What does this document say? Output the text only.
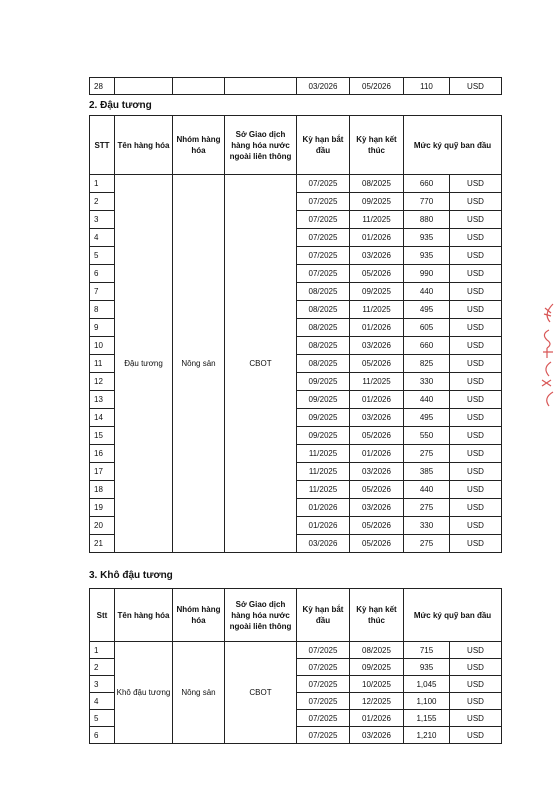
28				03/2026	05/2026	110	USD
2. Đậu tương
STT	Tên hàng hóa	Nhóm hàng hóa	Sở Giao dịch hàng hóa nước ngoài liên thông	Kỳ hạn bắt đầu	Kỳ hạn kết thúc	Mức ký quỹ ban đầu	
1	Đậu tương	Nông sản	CBOT	07/2025	08/2025	660	USD
2				07/2025	09/2025	770	USD
3				07/2025	11/2025	880	USD
4				07/2025	01/2026	935	USD
5				07/2025	03/2026	935	USD
6				07/2025	05/2026	990	USD
7				08/2025	09/2025	440	USD
8				08/2025	11/2025	495	USD
9				08/2025	01/2026	605	USD
10				08/2025	03/2026	660	USD
11				08/2025	05/2026	825	USD
12				09/2025	11/2025	330	USD
13				09/2025	01/2026	440	USD
14				09/2025	03/2026	495	USD
15				09/2025	05/2026	550	USD
16				11/2025	01/2026	275	USD
17				11/2025	03/2026	385	USD
18				11/2025	05/2026	440	USD
19				01/2026	03/2026	275	USD
20				01/2026	05/2026	330	USD
21				03/2026	05/2026	275	USD
3. Khô đậu tương
Stt	Tên hàng hóa	Nhóm hàng hóa	Sở Giao dịch hàng hóa nước ngoài liên thông	Kỳ hạn bắt đầu	Kỳ hạn kết thúc	Mức ký quỹ ban đầu	
1	Khô đậu tương	Nông sản	CBOT	07/2025	08/2025	715	USD
2				07/2025	09/2025	935	USD
3				07/2025	10/2025	1,045	USD
4				07/2025	12/2025	1,100	USD
5				07/2025	01/2026	1,155	USD
6				07/2025	03/2026	1,210	USD
